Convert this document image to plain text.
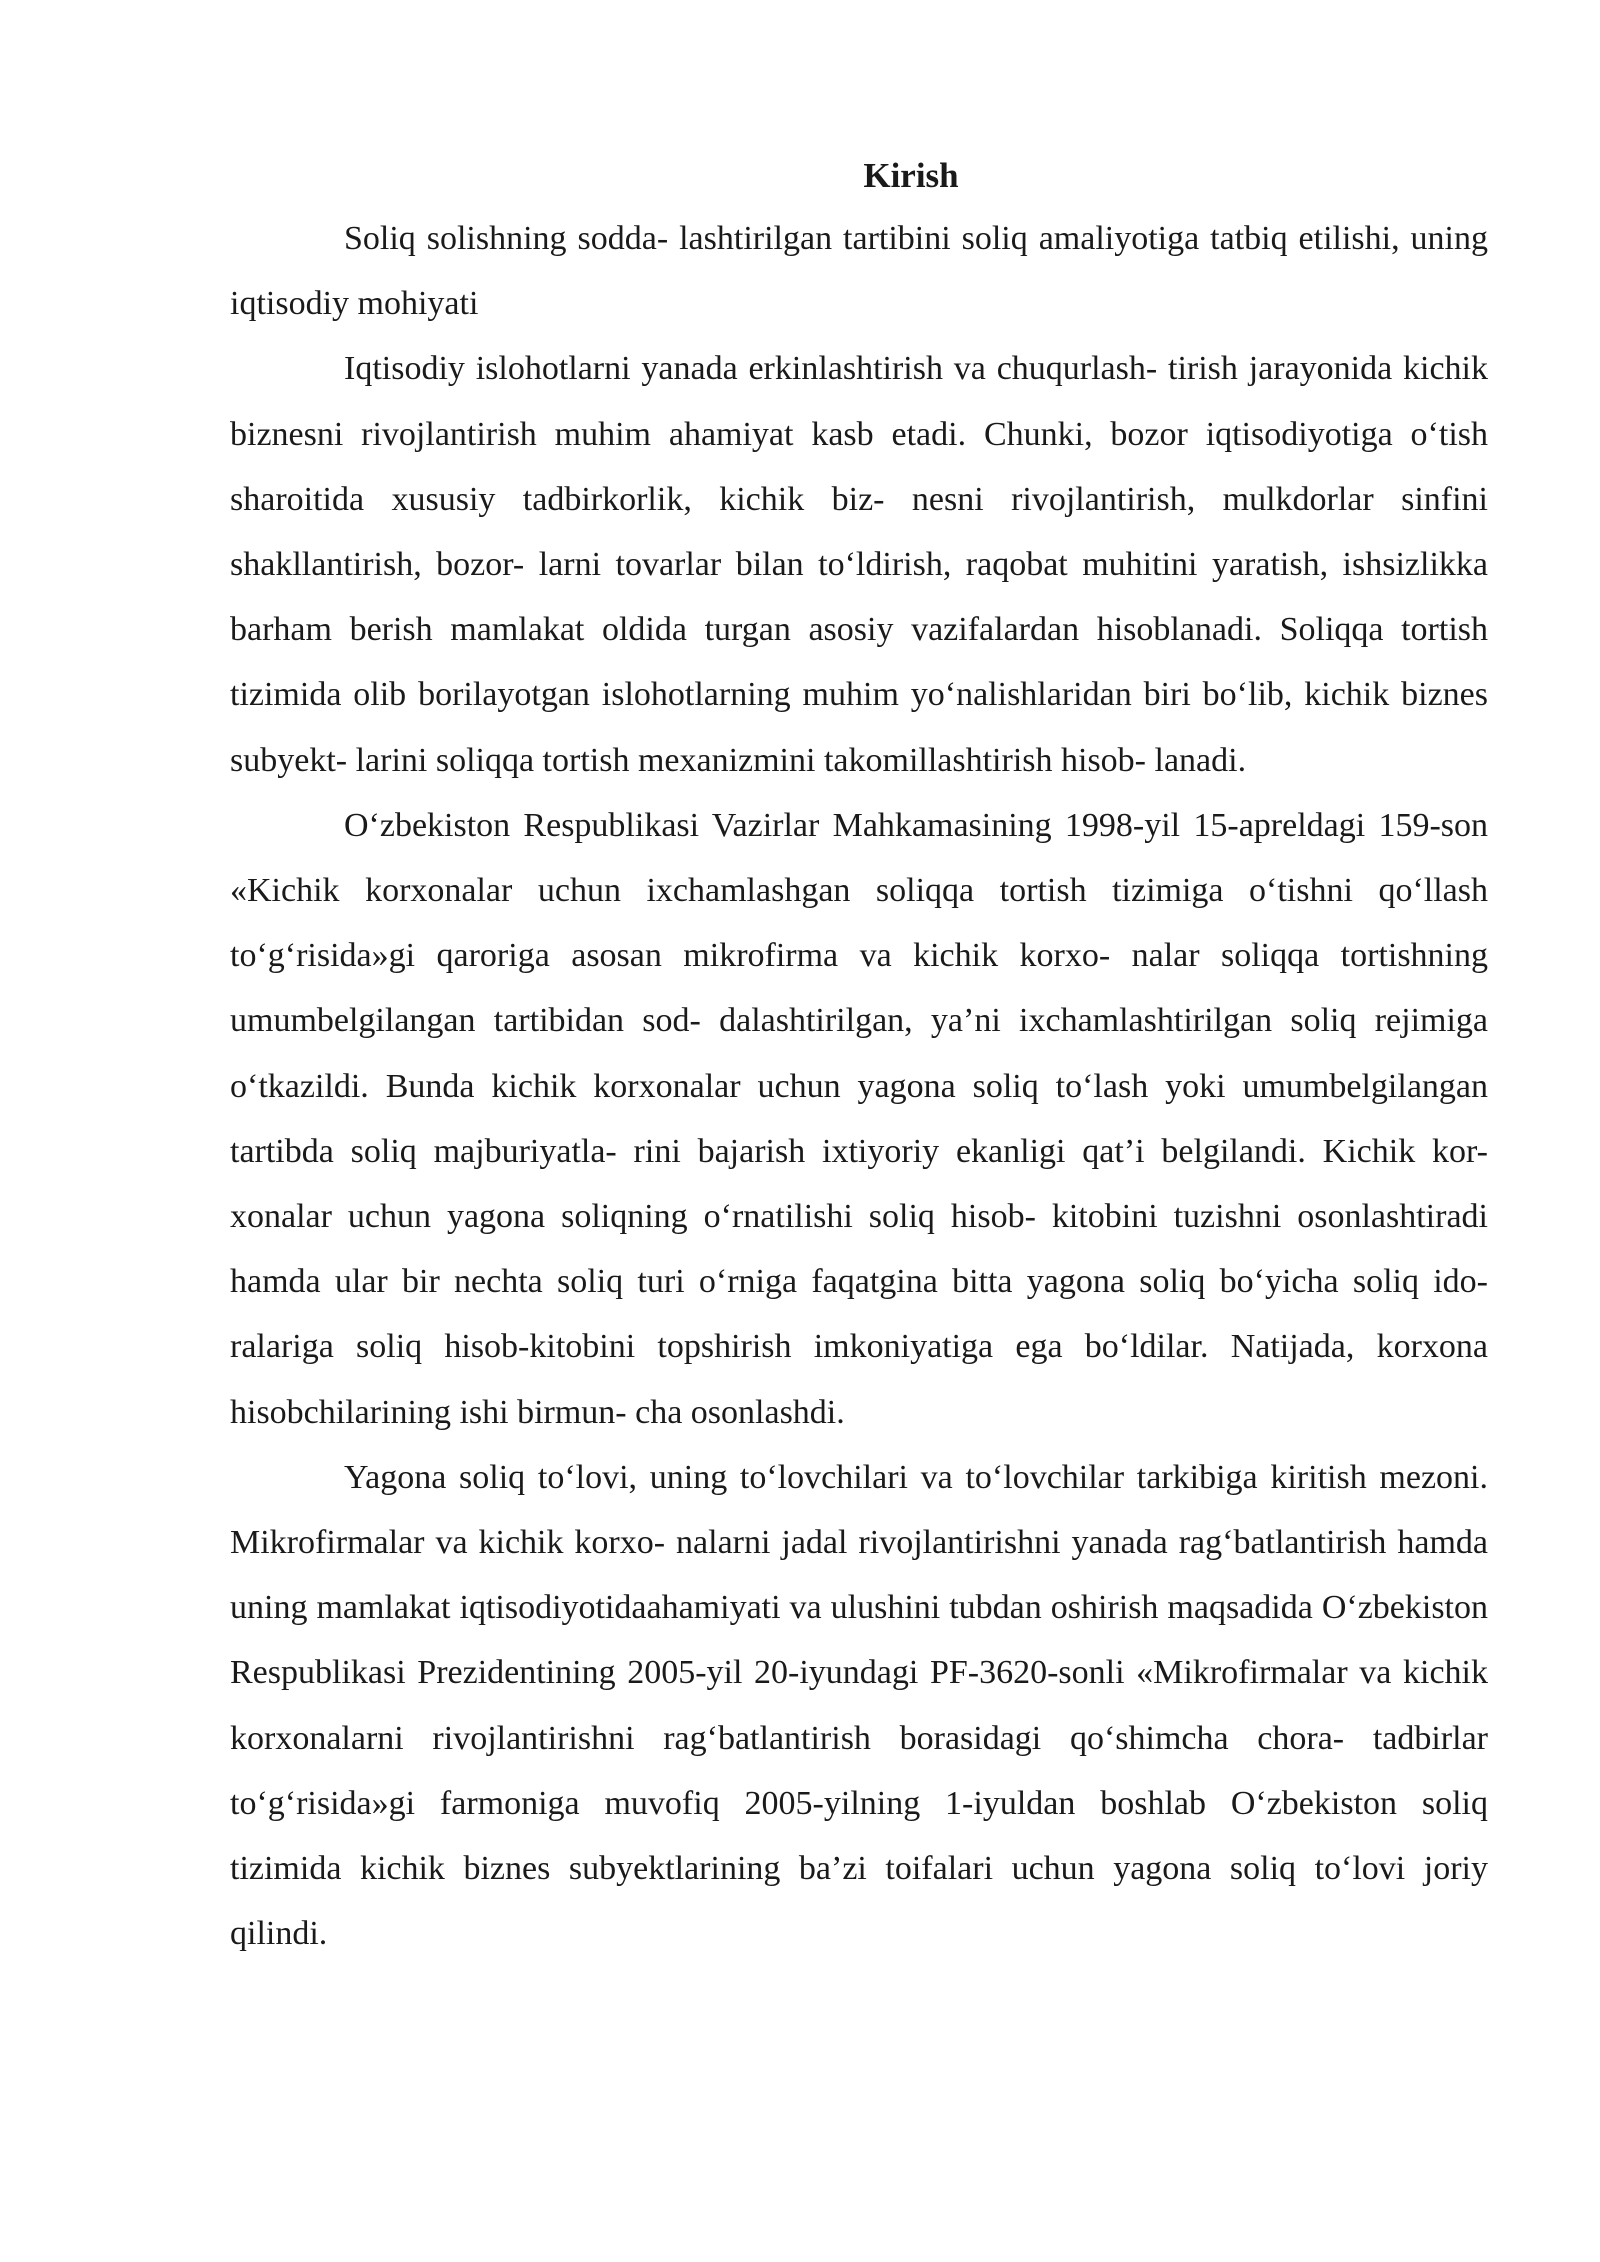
Kirish

Soliq solishning sodda- lashtirilgan tartibini soliq amaliyotiga tatbiq etilishi, uning iqtisodiy mohiyati

Iqtisodiy islohotlarni yanada erkinlashtirish va chuqurlash- tirish jarayonida kichik biznesni rivojlantirish muhim ahamiyat kasb etadi. Chunki, bozor iqtisodiyotiga o‘tish sharoitida xususiy tadbirkorlik, kichik biz- nesni rivojlantirish, mulkdorlar sinfini shakllantirish, bozor- larni tovarlar bilan to‘ldirish, raqobat muhitini yaratish, ishsizlikka barham berish mamlakat oldida turgan asosiy vazifalardan hisoblanadi. Soliqqa tortish tizimida olib borilayotgan islohotlarning muhim yo‘nalishlaridan biri bo‘lib, kichik biznes subyekt- larini soliqqa tortish mexanizmini takomillashtirish hisob- lanadi.

O‘zbekiston Respublikasi Vazirlar Mahkamasining 1998-yil 15-apreldagi 159-son «Kichik korxonalar uchun ixchamlashgan soliqqa tortish tizimiga o‘tishni qo‘llash to‘g‘risida»gi qaroriga asosan mikrofirma va kichik korxo- nalar soliqqa tortishning umumbelgilangan tartibidan sod- dalashtirilgan, ya’ni ixchamlashtirilgan soliq rejimiga o‘tkazildi. Bunda kichik korxonalar uchun yagona soliq to‘lash yoki umumbelgilangan tartibda soliq majburiyatla- rini bajarish ixtiyoriy ekanligi qat’i belgilandi. Kichik kor- xonalar uchun yagona soliqning o‘rnatilishi soliq hisob- kitobini tuzishni osonlashtiradi hamda ular bir nechta soliq turi o‘rniga faqatgina bitta yagona soliq bo‘yicha soliq ido- ralariga soliq hisob-kitobini topshirish imkoniyatiga ega bo‘ldilar. Natijada, korxona hisobchilarining ishi birmun- cha osonlashdi.

Yagona soliq to‘lovi, uning to‘lovchilari va to‘lovchilar tarkibiga kiritish mezoni. Mikrofirmalar va kichik korxo- nalarni jadal rivojlantirishni yanada rag‘batlantirish hamda uning mamlakat iqtisodiyotidaahamiyati va ulushini tubdan oshirish maqsadida O‘zbekiston Respublikasi Prezidentining 2005-yil 20-iyundagi PF-3620-sonli «Mikrofirmalar va kichik korxonalarni rivojlantirishni rag‘batlantirish borasidagi qo‘shimcha chora- tadbirlar to‘g‘risida»gi farmoniga muvofiq 2005-yilning 1-iyuldan boshlab O‘zbekiston soliq tizimida kichik biznes subyektlarining ba’zi toifalari uchun yagona soliq to‘lovi joriy qilindi.
